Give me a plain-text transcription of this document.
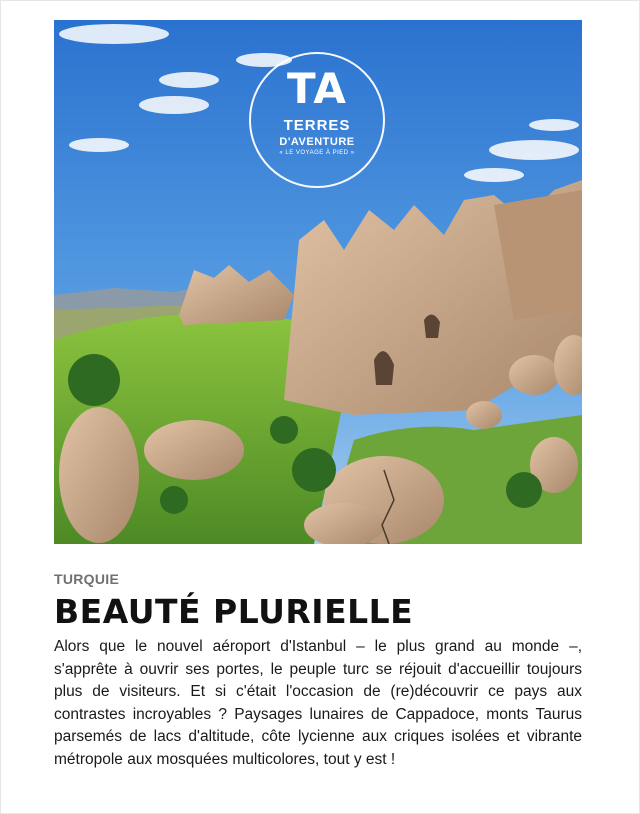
TA
TERRES
D'AVENTURE
« LE VOYAGE À PIED »
TURQUIE
BEAUTÉ PLURIELLE

Alors que le nouvel aéroport d'Istanbul – le plus grand au monde –, s'apprête à ouvrir ses portes, le peuple turc se réjouit d'accueillir toujours plus de visiteurs. Et si c'était l'occasion de (re)découvrir ce pays aux contrastes incroyables ? Paysages lunaires de Cappadoce, monts Taurus parsemés de lacs d'altitude, côte lycienne aux criques isolées et vibrante métropole aux mosquées multicolores, tout y est !
